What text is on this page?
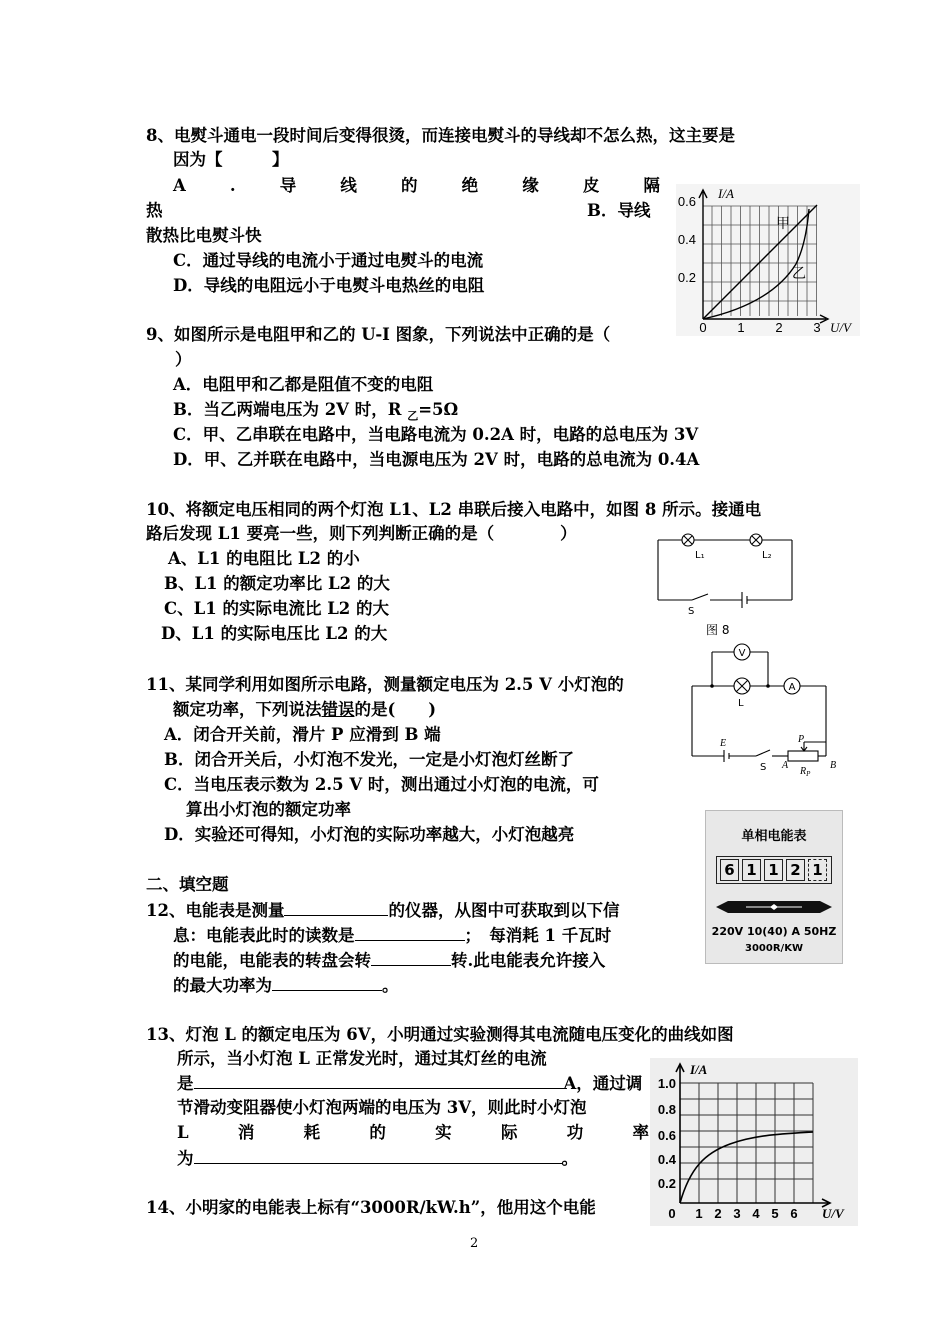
8、电熨斗通电一段时间后变得很烫，而连接电熨斗的导线却不怎么热，这主要是
因为【　　　】
A	.	导	线	的	绝	缘	皮	隔
热	B．导线
散热比电熨斗快
C．通过导线的电流小于通过电熨斗的电流
D．导线的电阻远小于电熨斗电热丝的电阻
0.6
0.4
0.2
0 1 2 3
I/A
U/V
甲
乙
9、如图所示是电阻甲和乙的 U-I 图象，下列说法中正确的是（
）
A．电阻甲和乙都是阻值不变的电阻
B．当乙两端电压为 2V 时，R $_乙$=5Ω
C．甲、乙串联在电路中，当电路电流为 0.2A 时，电路的总电压为 3V
D．甲、乙并联在电路中，当电源电压为 2V 时，电路的总电流为 0.4A
10、将额定电压相同的两个灯泡 L1、L2 串联后接入电路中，如图 8 所示。接通电
路后发现 L1 要亮一些，则下列判断正确的是（　　　　）
A、L1 的电阻比 L2 的小
B、L1 的额定功率比 L2 的大
C、L1 的实际电流比 L2 的大
D、L1 的实际电压比 L2 的大
L₁	L₂
S
图 8
11、某同学利用如图所示电路，测量额定电压为 2.5 V 小灯泡的
额定功率，下列说法错误的是(　　)
A．闭合开关前，滑片 P 应滑到 B 端
B．闭合开关后，小灯泡不发光，一定是小灯泡灯丝断了
C．当电压表示数为 2.5 V 时，测出通过小灯泡的电流，可
算出小灯泡的额定功率
D．实验还可得知，小灯泡的实际功率越大，小灯泡越亮
V
A
L
E
S
P
A	B
$R_P$
单相电能表
6 1 1 2 1
220V 10(40) A 50HZ
3000R/KW
二、填空题
12、电能表是测量	的仪器，从图中可获取到以下信
息：电能表此时的读数是	；　每消耗 1 千瓦时
的电能，电能表的转盘会转	转.此电能表允许接入
的最大功率为	。
13、灯泡 L 的额定电压为 6V，小明通过实验测得其电流随电压变化的曲线如图
所示，当小灯泡 L 正常发光时，通过其灯丝的电流
是	A，通过调
节滑动变阻器使小灯泡两端的电压为 3V，则此时小灯泡
L	消	耗	的	实	际	功	率
为	。
1.0
0.8
0.6
0.4
0.2
0 1 2 3 4 5 6
I/A
U/V
14、小明家的电能表上标有“3000R/kW.h”，他用这个电能
2
